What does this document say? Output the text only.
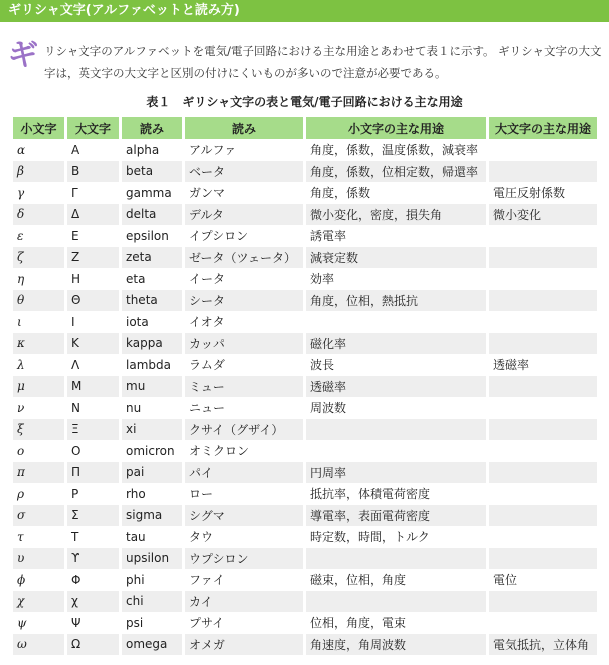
ギリシャ文字(アルファベットと読み方)
ギ リシャ文字のアルファベットを電気/電子回路における主な用途とあわせて表１に示す。 ギリシャ文字の大文字は，英文字の大文字と区別の付けにくいものが多いので注意が必要である。
表１　ギリシャ文字の表と電気/電子回路における主な用途
小文字	大文字	読み	読み	小文字の主な用途	大文字の主な用途
α	Α	alpha	アルファ	角度，係数，温度係数，減衰率	
β	Β	beta	ベータ	角度，係数，位相定数，帰還率	
γ	Γ	gamma	ガンマ	角度，係数	電圧反射係数
δ	Δ	delta	デルタ	微小変化，密度，損失角	微小変化
ε	Ε	epsilon	イプシロン	誘電率	
ζ	Ζ	zeta	ゼータ（ツェータ）	減衰定数	
η	Η	eta	イータ	効率	
θ	Θ	theta	シータ	角度，位相，熱抵抗	
ι	Ι	iota	イオタ		
κ	Κ	kappa	カッパ	磁化率	
λ	Λ	lambda	ラムダ	波長	透磁率
μ	Μ	mu	ミュー	透磁率	
ν	Ν	nu	ニュー	周波数	
ξ	Ξ	xi	クサイ（グザイ）		
ο	Ο	omicron	オミクロン		
π	Π	pai	パイ	円周率	
ρ	Ρ	rho	ロー	抵抗率，体積電荷密度	
σ	Σ	sigma	シグマ	導電率，表面電荷密度	
τ	Τ	tau	タウ	時定数，時間，トルク	
υ	ϒ	upsilon	ウプシロン		
ϕ	Φ	phi	ファイ	磁束，位相，角度	電位
χ	χ	chi	カイ		
ψ	Ψ	psi	プサイ	位相，角度，電束	
ω	Ω	omega	オメガ	角速度，角周波数	電気抵抗，立体角
